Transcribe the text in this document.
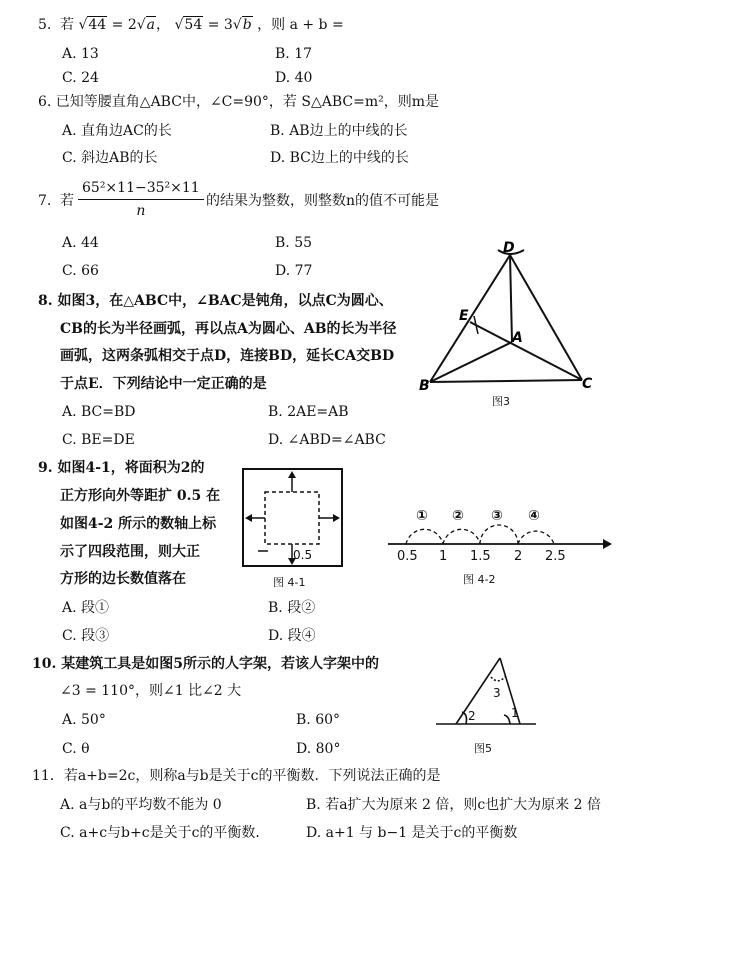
5. 若 √44 = 2√a， √54 = 3√b ，则 a + b =
A. 13	B. 17
C. 24	D. 40
6. 已知等腰直角△ABC中，∠C=90°，若 S△ABC=m²，则m是
A. 直角边AC的长	B. AB边上的中线的长
C. 斜边AB的长	D. BC边上的中线的长
7. 若
65²×11−35²×11
n
的结果为整数，则整数n的值不可能是
A. 44	B. 55
C. 66	D. 77
8. 如图3，在△ABC中，∠BAC是钝角，以点C为圆心、
CB的长为半径画弧，再以点A为圆心、AB的长为半径
画弧，这两条弧相交于点D，连接BD，延长CA交BD
于点E．下列结论中一定正确的是
A. BC=BD	B. 2AE=AB
C. BE=DE	D. ∠ABD=∠ABC
D
E
A
B	C
图3
9. 如图4-1，将面积为2的
正方形向外等距扩 0.5 在
如图4-2 所示的数轴上标
示了四段范围，则大正
方形的边长数值落在
A. 段①	B. 段②
C. 段③	D. 段④
0.5
图 4-1
0.5 1 1.5 2 2.5
① ② ③ ④
图 4-2
10. 某建筑工具是如图5所示的人字架，若该人字架中的
∠3 = 110°，则∠1 比∠2 大
A. 50°	B. 60°
C. θ	D. 80°
3
2	1
图5
11．若a+b=2c，则称a与b是关于c的平衡数．下列说法正确的是
A. a与b的平均数不能为 0	B. 若a扩大为原来 2 倍，则c也扩大为原来 2 倍
C. a+c与b+c是关于c的平衡数．	D. a+1 与 b−1 是关于c的平衡数
